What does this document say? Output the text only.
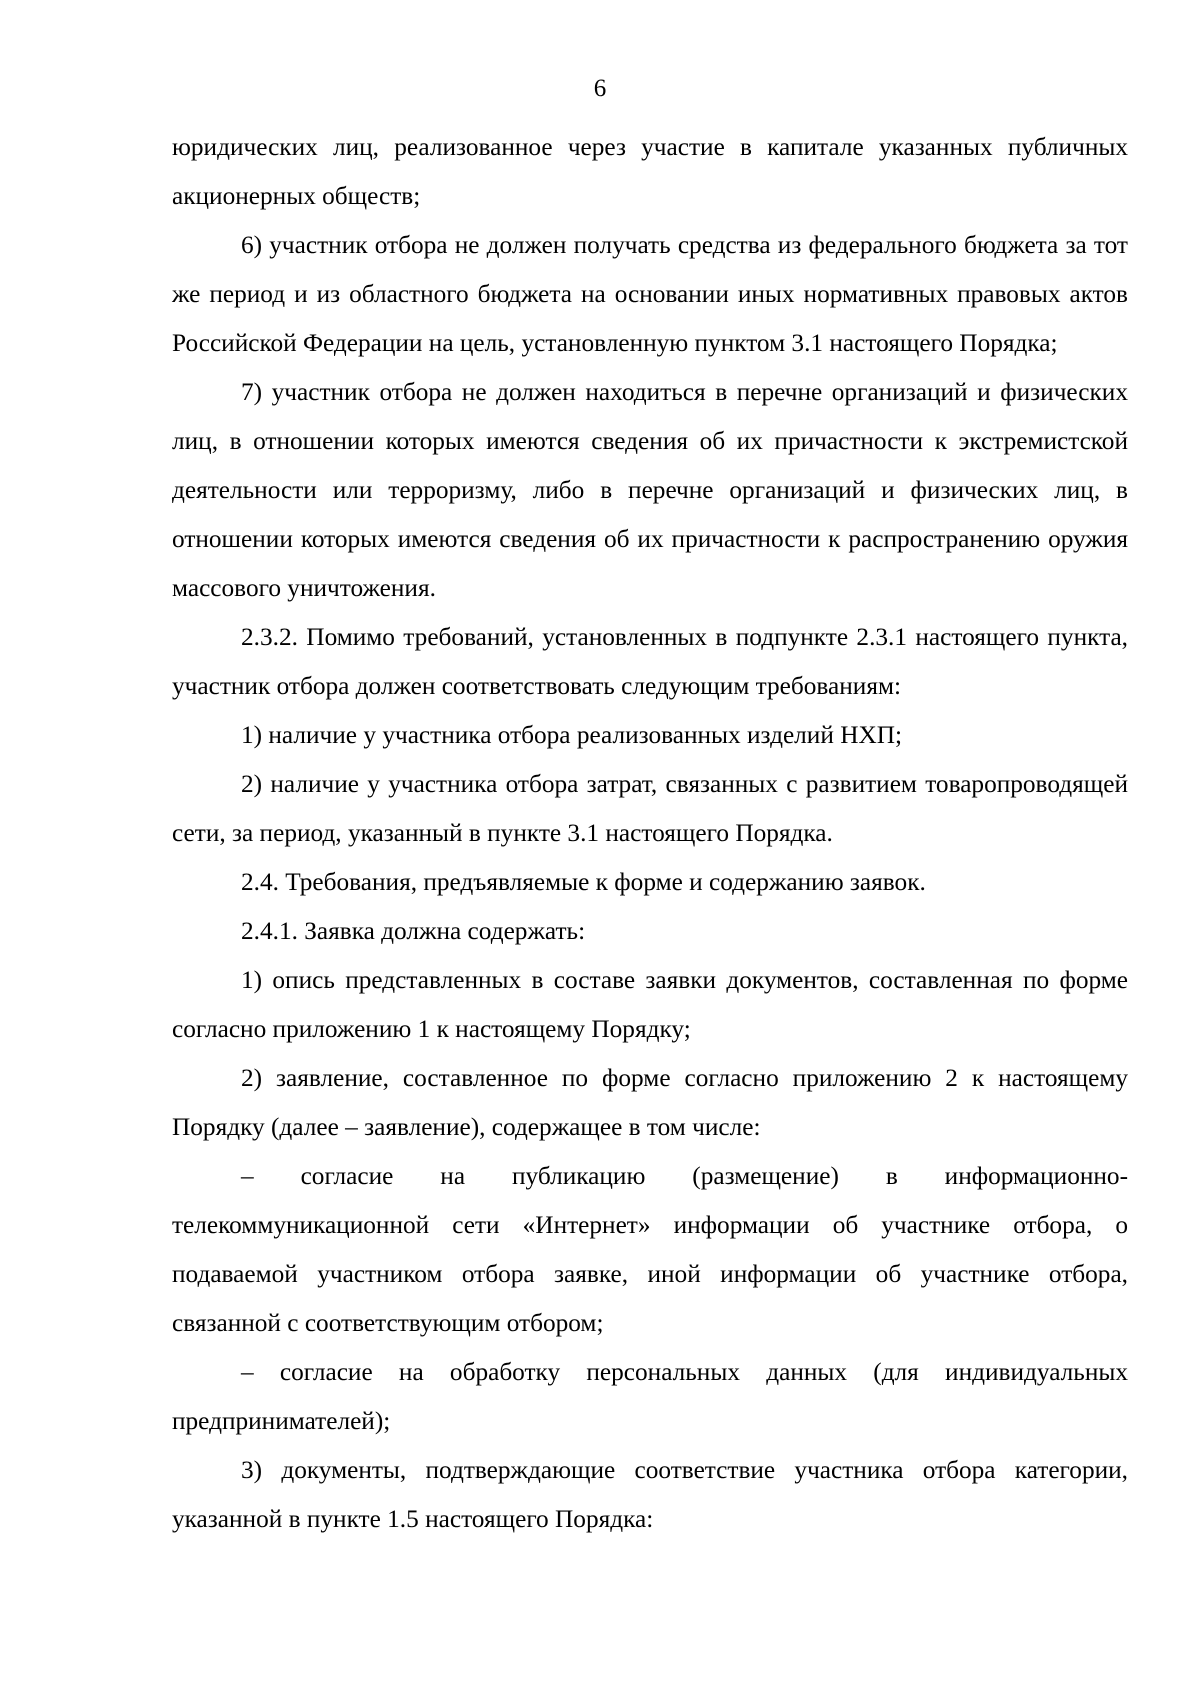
6

юридических лиц, реализованное через участие в капитале указанных публичных акционерных обществ;

6) участник отбора не должен получать средства из федерального бюджета за тот же период и из областного бюджета на основании иных нормативных правовых актов Российской Федерации на цель, установленную пунктом 3.1 настоящего Порядка;

7) участник отбора не должен находиться в перечне организаций и физических лиц, в отношении которых имеются сведения об их причастности к экстремистской деятельности или терроризму, либо в перечне организаций и физических лиц, в отношении которых имеются сведения об их причастности к распространению оружия массового уничтожения.

2.3.2. Помимо требований, установленных в подпункте 2.3.1 настоящего пункта, участник отбора должен соответствовать следующим требованиям:

1) наличие у участника отбора реализованных изделий НХП;

2) наличие у участника отбора затрат, связанных с развитием товаропроводящей сети, за период, указанный в пункте 3.1 настоящего Порядка.

2.4. Требования, предъявляемые к форме и содержанию заявок.

2.4.1. Заявка должна содержать:

1) опись представленных в составе заявки документов, составленная по форме согласно приложению 1 к настоящему Порядку;

2) заявление, составленное по форме согласно приложению 2 к настоящему Порядку (далее – заявление), содержащее в том числе:

– согласие на публикацию (размещение) в информационно-телекоммуникационной сети «Интернет» информации об участнике отбора, о подаваемой участником отбора заявке, иной информации об участнике отбора, связанной с соответствующим отбором;

– согласие на обработку персональных данных (для индивидуальных предпринимателей);

3) документы, подтверждающие соответствие участника отбора категории, указанной в пункте 1.5 настоящего Порядка:
